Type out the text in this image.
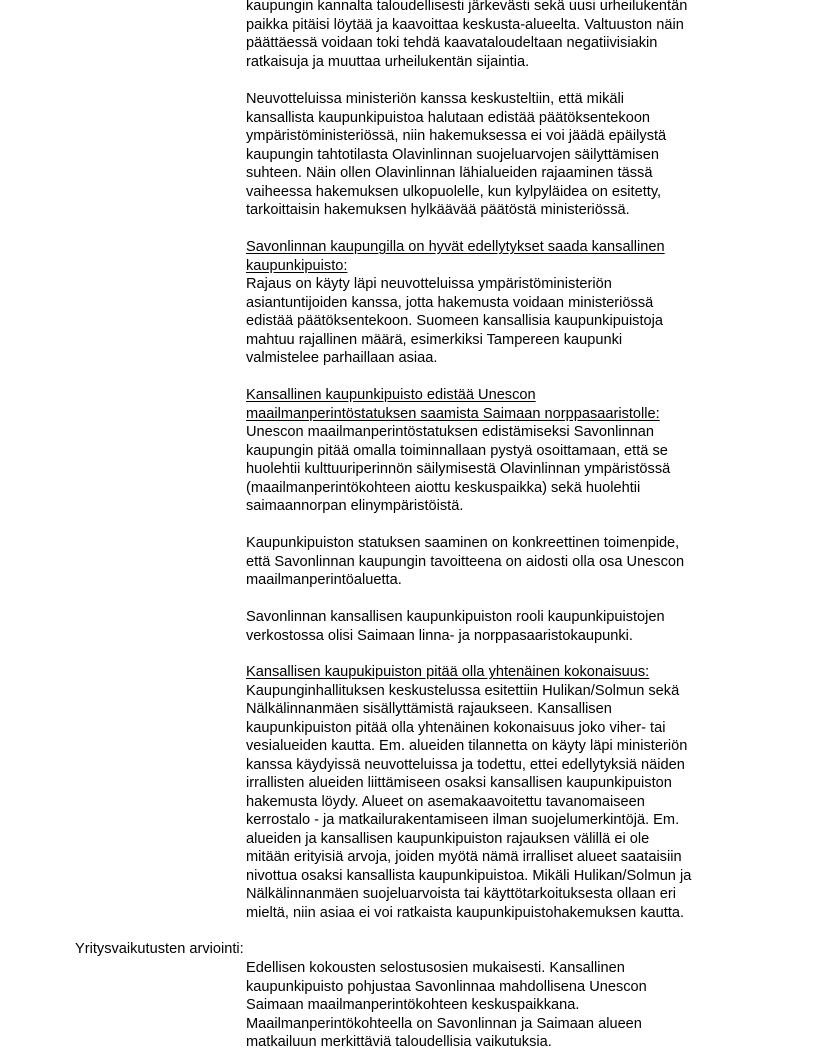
kaupungin kannalta taloudellisesti järkevästi sekä uusi urheilukentän
paikka pitäisi löytää ja kaavoittaa keskusta-alueelta. Valtuuston näin
päättäessä voidaan toki tehdä kaavataloudeltaan negatiivisiakin
ratkaisuja ja muuttaa urheilukentän sijaintia.
Neuvotteluissa ministeriön kanssa keskusteltiin, että mikäli
kansallista kaupunkipuistoa halutaan edistää päätöksentekoon
ympäristöministeriössä, niin hakemuksessa ei voi jäädä epäilystä
kaupungin tahtotilasta Olavinlinnan suojeluarvojen säilyttämisen
suhteen. Näin ollen Olavinlinnan lähialueiden rajaaminen tässä
vaiheessa hakemuksen ulkopuolelle, kun kylpyläidea on esitetty,
tarkoittaisin hakemuksen hylkäävää päätöstä ministeriössä.
Savonlinnan kaupungilla on hyvät edellytykset saada kansallinen
kaupunkipuisto:
Rajaus on käyty läpi neuvotteluissa ympäristöministeriön
asiantuntijoiden kanssa, jotta hakemusta voidaan ministeriössä
edistää päätöksentekoon. Suomeen kansallisia kaupunkipuistoja
mahtuu rajallinen määrä, esimerkiksi Tampereen kaupunki
valmistelee parhaillaan asiaa.
Kansallinen kaupunkipuisto edistää Unescon
maailmanperintöstatuksen saamista Saimaan norppasaaristolle:
Unescon maailmanperintöstatuksen edistämiseksi Savonlinnan
kaupungin pitää omalla toiminnallaan pystyä osoittamaan, että se
huolehtii kulttuuriperinnön säilymisestä Olavinlinnan ympäristössä
(maailmanperintökohteen aiottu keskuspaikka) sekä huolehtii
saimaannorpan elinympäristöistä.
Kaupunkipuiston statuksen saaminen on konkreettinen toimenpide,
että Savonlinnan kaupungin tavoitteena on aidosti olla osa Unescon
maailmanperintöaluetta.
Savonlinnan kansallisen kaupunkipuiston rooli kaupunkipuistojen
verkostossa olisi Saimaan linna- ja norppasaaristokaupunki.
Kansallisen kaupukipuiston pitää olla yhtenäinen kokonaisuus:
Kaupunginhallituksen keskustelussa esitettiin Hulikan/Solmun sekä
Nälkälinnanmäen sisällyttämistä rajaukseen. Kansallisen
kaupunkipuiston pitää olla yhtenäinen kokonaisuus joko viher- tai
vesialueiden kautta. Em. alueiden tilannetta on käyty läpi ministeriön
kanssa käydyissä neuvotteluissa ja todettu, ettei edellytyksiä näiden
irrallisten alueiden liittämiseen osaksi kansallisen kaupunkipuiston
hakemusta löydy. Alueet on asemakaavoitettu tavanomaiseen
kerrostalo - ja matkailurakentamiseen ilman suojelumerkintöjä. Em.
alueiden ja kansallisen kaupunkipuiston rajauksen välillä ei ole
mitään erityisiä arvoja, joiden myötä nämä irralliset alueet saataisiin
nivottua osaksi kansallista kaupunkipuistoa. Mikäli Hulikan/Solmun ja
Nälkälinnanmäen suojeluarvoista tai käyttötarkoituksesta ollaan eri
mieltä, niin asiaa ei voi ratkaista kaupunkipuistohakemuksen kautta.
Yritysvaikutusten arviointi:
Edellisen kokousten selostusosien mukaisesti. Kansallinen
kaupunkipuisto pohjustaa Savonlinnaa mahdollisena Unescon
Saimaan maailmanperintökohteen keskuspaikkana.
Maailmanperintökohteella on Savonlinnan ja Saimaan alueen
matkailuun merkittäviä taloudellisia vaikutuksia.
